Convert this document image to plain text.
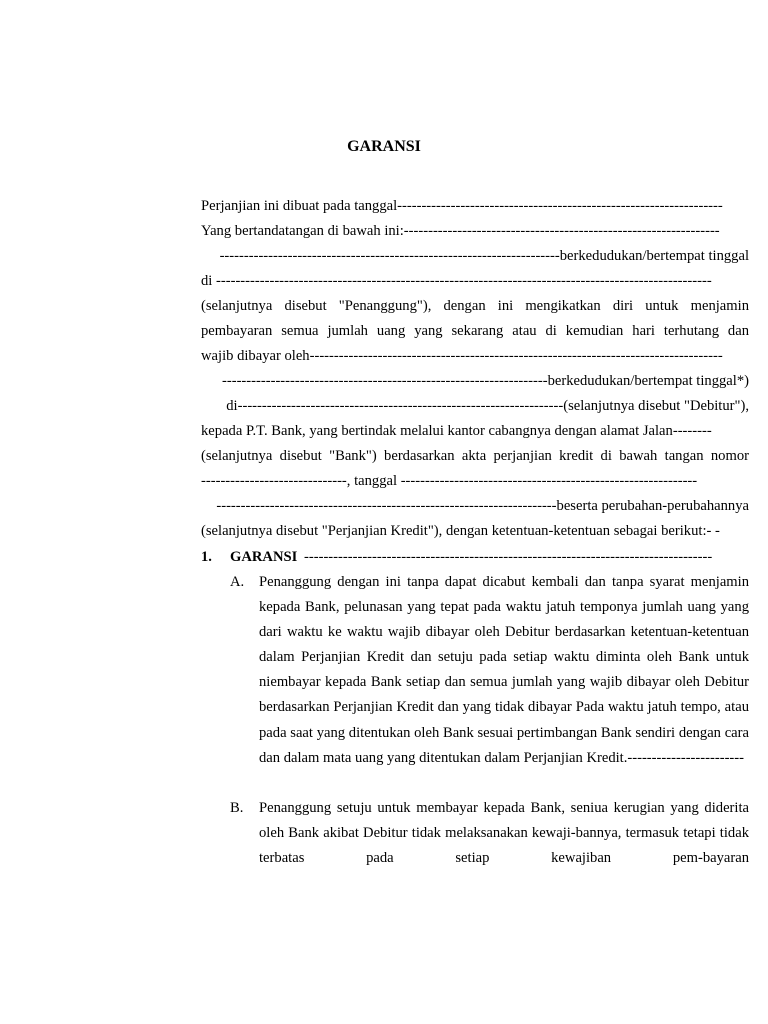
GARANSI
Perjanjian ini dibuat pada tanggal-------------------------------------------------------------------
Yang bertandatangan di bawah ini:-----------------------------------------------------------------
----------------------------------------------------------------------berkedudukan/bertempat tinggal
di ------------------------------------------------------------------------------------------------------
(selanjutnya disebut "Penanggung"), dengan ini mengikatkan diri untuk menjamin
pembayaran semua jumlah uang yang sekarang atau di kemudian hari terhutang dan
wajib dibayar oleh-------------------------------------------------------------------------------------
-------------------------------------------------------------------berkedudukan/bertempat tinggal*)
di-------------------------------------------------------------------(selanjutnya disebut "Debitur"),
kepada P.T. Bank, yang bertindak melalui kantor cabangnya dengan alamat Jalan--------
(selanjutnya disebut "Bank") berdasarkan akta perjanjian kredit di bawah tangan nomor
------------------------------, tanggal -------------------------------------------------------------
----------------------------------------------------------------------beserta perubahan-perubahannya
(selanjutnya disebut "Perjanjian Kredit"), dengan ketentuan-ketentuan sebagai berikut:- -
1. GARANSI ------------------------------------------------------------------------------------
A.	Penanggung dengan ini tanpa dapat dicabut kembali dan tanpa syarat menjamin kepada Bank, pelunasan yang tepat pada waktu jatuh temponya jumlah uang yang dari waktu ke waktu wajib dibayar oleh Debitur berdasarkan ketentuan-ketentuan dalam Perjanjian Kredit dan setuju pada setiap waktu diminta oleh Bank untuk niembayar kepada Bank setiap dan semua jumlah yang wajib dibayar oleh Debitur berdasarkan Perjanjian Kredit dan yang tidak dibayar Pada waktu jatuh tempo, atau pada saat yang ditentukan oleh Bank sesuai pertimbangan Bank sendiri dengan cara dan dalam mata uang yang ditentukan dalam Perjanjian Kredit.------------------------
B.	Penanggung setuju untuk membayar kepada Bank, seniua kerugian yang diderita oleh Bank akibat Debitur tidak melaksanakan kewaji-bannya, termasuk tetapi tidak terbatas pada setiap kewajiban pem-bayaran
